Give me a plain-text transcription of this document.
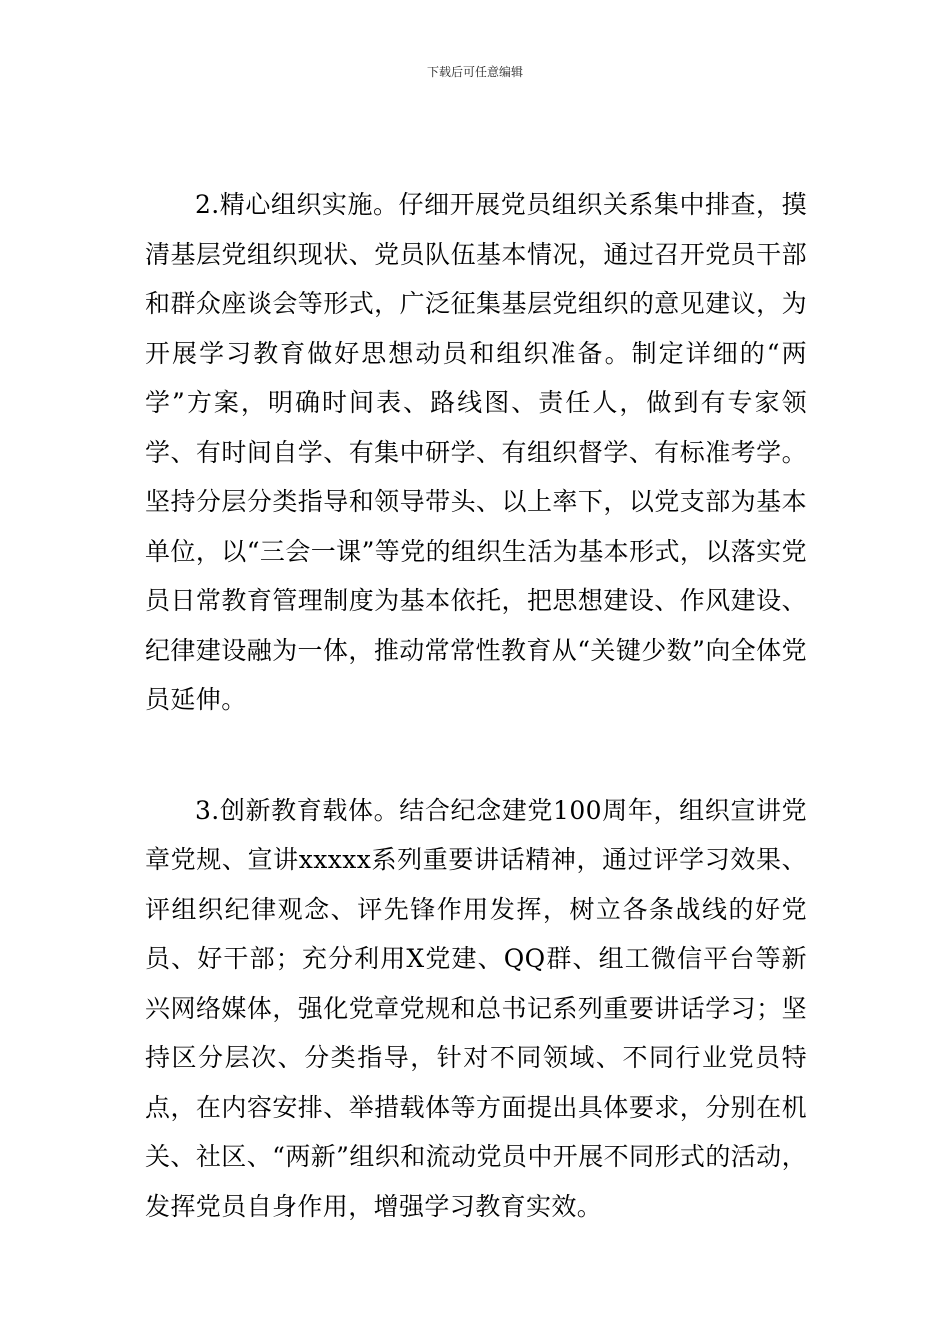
下载后可任意编辑

2.精心组织实施。仔细开展党员组织关系集中排查，摸清基层党组织现状、党员队伍基本情况，通过召开党员干部和群众座谈会等形式，广泛征集基层党组织的意见建议，为开展学习教育做好思想动员和组织准备。制定详细的“两学”方案，明确时间表、路线图、责任人，做到有专家领学、有时间自学、有集中研学、有组织督学、有标准考学。坚持分层分类指导和领导带头、以上率下，以党支部为基本单位，以“三会一课”等党的组织生活为基本形式，以落实党员日常教育管理制度为基本依托，把思想建设、作风建设、纪律建设融为一体，推动常常性教育从“关键少数”向全体党员延伸。

3.创新教育载体。结合纪念建党100周年，组织宣讲党章党规、宣讲xxxxx系列重要讲话精神，通过评学习效果、评组织纪律观念、评先锋作用发挥，树立各条战线的好党员、好干部；充分利用X党建、QQ群、组工微信平台等新兴网络媒体，强化党章党规和总书记系列重要讲话学习；坚持区分层次、分类指导，针对不同领域、不同行业党员特点，在内容安排、举措载体等方面提出具体要求，分别在机关、社区、“两新”组织和流动党员中开展不同形式的活动，发挥党员自身作用，增强学习教育实效。
